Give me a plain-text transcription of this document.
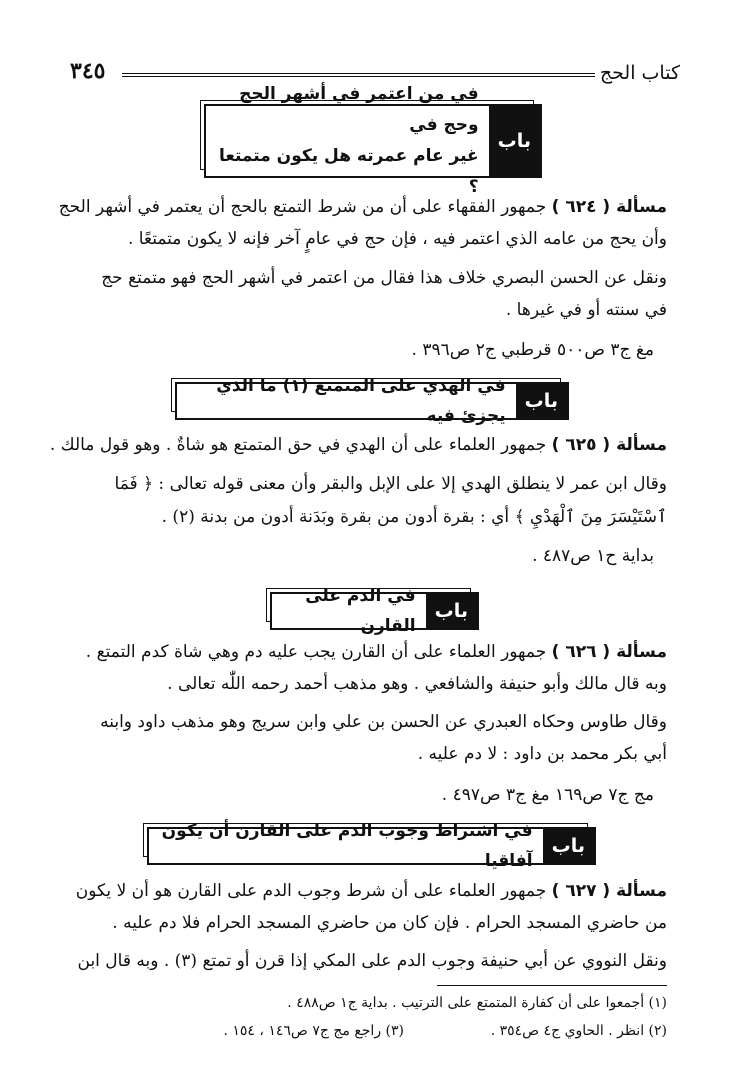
كتاب الحج
٣٤٥
باب
في من اعتمر في أشهر الحج وحج في
غير عام عمرته هل يكون متمتعا ؟
مسألة ( ٦٢٤ ) جمهور الفقهاء على أن من شرط التمتع بالحج أن يعتمر في أشهر الحج
وأن يحج من عامه الذي اعتمر فيه ، فإن حج في عامٍ آخر فإنه لا يكون متمتعًا .
ونقل عن الحسن البصري خلاف هذا فقال من اعتمر في أشهر الحج فهو متمتع حج
في سنته أو في غيرها .
مغ ج٣ ص٥٠٠ قرطبي ج٢ ص٣٩٦ .
باب
في الهدي على المتمتع (١) ما الذي يجزئ فيه
مسألة ( ٦٢٥ ) جمهور العلماء على أن الهدي في حق المتمتع هو شاةٌ . وهو قول مالك .
وقال ابن عمر لا ينطلق الهدي إلا على الإبل والبقر وأن معنى قوله تعالى : ﴿ فَمَا
ٱسْتَيْسَرَ مِنَ ٱلْهَدْيِ ﴾ أي : بقرة أدون من بقرة وبَدَنة أدون من بدنة (٢) .
بداية ح١ ص٤٨٧ .
باب
في الدم على القارن
مسألة ( ٦٢٦ ) جمهور العلماء على أن القارن يجب عليه دم وهي شاة كدم التمتع .
وبه قال مالك وأبو حنيفة والشافعي . وهو مذهب أحمد رحمه اللّٰه تعالى .
وقال طاوس وحكاه العبدري عن الحسن بن علي وابن سريج وهو مذهب داود وابنه
أبي بكر محمد بن داود : لا دم عليه .
مج ج٧ ص١٦٩ مغ ج٣ ص٤٩٧ .
باب
في اشتراط وجوب الدم على القارن أن يكون آفاقيا
مسألة ( ٦٢٧ ) جمهور العلماء على أن شرط وجوب الدم على القارن هو أن لا يكون
من حاضري المسجد الحرام . فإن كان من حاضري المسجد الحرام فلا دم عليه .
ونقل النووي عن أبي حنيفة وجوب الدم على المكي إذا قرن أو تمتع (٣) . وبه قال ابن
(١) أجمعوا على أن كفارة المتمتع على الترتيب . بداية ج١ ص٤٨٨ .
(٢) انظر . الحاوي ج٤ ص٣٥٤ .
(٣) راجع مج ج٧ ص١٤٦ ، ١٥٤ .
